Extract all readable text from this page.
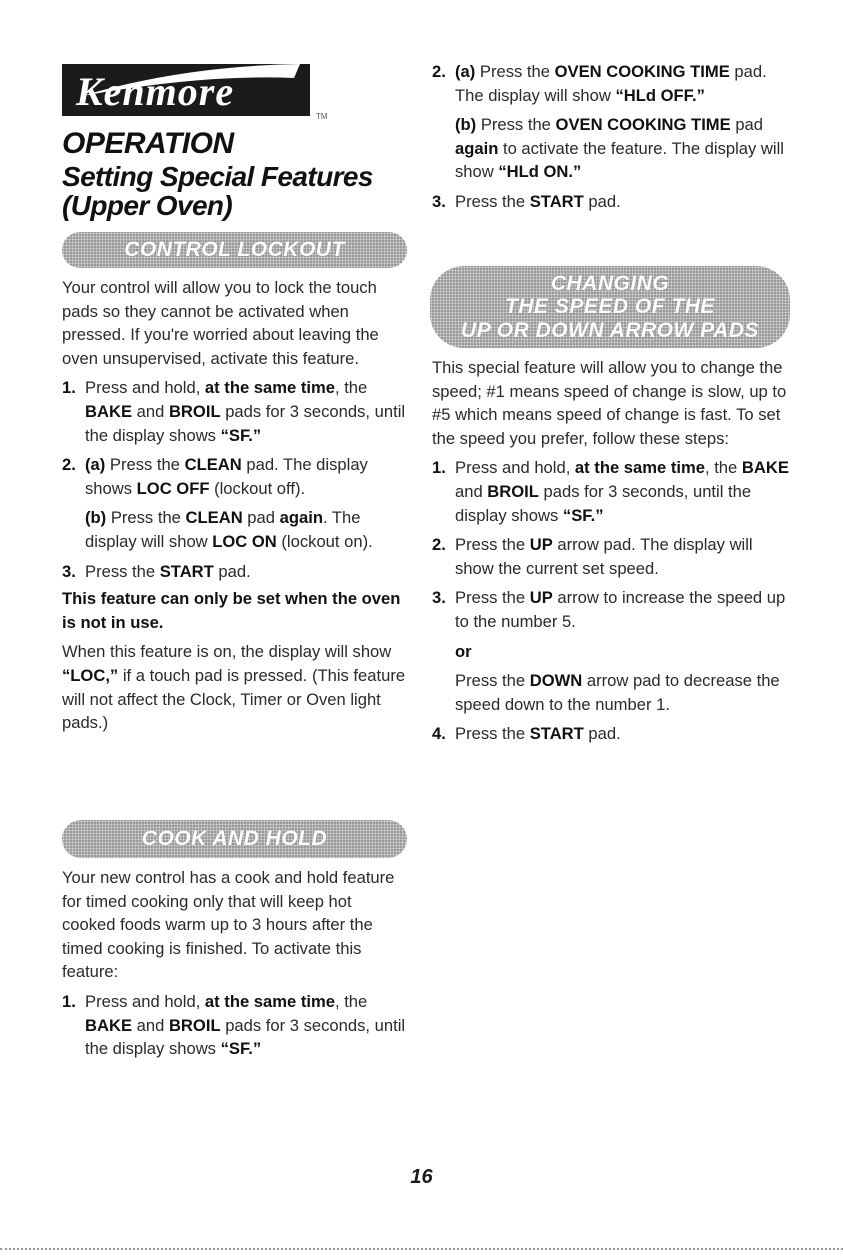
Kenmore
TM
OPERATION
Setting Special Features
(Upper Oven)
CONTROL LOCKOUT

Your control will allow you to lock the touch pads so they cannot be activated when pressed. If you're worried about leaving the oven unsupervised, activate this feature.

1. Press and hold, at the same time, the BAKE and BROIL pads for 3 seconds, until the display shows “SF.”

2. (a) Press the CLEAN pad. The display shows LOC OFF (lockout off).

(b) Press the CLEAN pad again. The display will show LOC ON (lockout on).

3. Press the START pad.

This feature can only be set when the oven is not in use.

When this feature is on, the display will show “LOC,” if a touch pad is pressed. (This feature will not affect the Clock, Timer or Oven light pads.)

COOK AND HOLD

Your new control has a cook and hold feature for timed cooking only that will keep hot cooked foods warm up to 3 hours after the timed cooking is finished. To activate this feature:

1. Press and hold, at the same time, the BAKE and BROIL pads for 3 seconds, until the display shows “SF.”

2. (a) Press the OVEN COOKING TIME pad. The display will show “HLd OFF.”

(b) Press the OVEN COOKING TIME pad again to activate the feature. The display will show “HLd ON.”

3. Press the START pad.

CHANGING
THE SPEED OF THE
UP OR DOWN ARROW PADS

This special feature will allow you to change the speed; #1 means speed of change is slow, up to #5 which means speed of change is fast. To set the speed you prefer, follow these steps:

1. Press and hold, at the same time, the BAKE and BROIL pads for 3 seconds, until the display shows “SF.”

2. Press the UP arrow pad. The display will show the current set speed.

3. Press the UP arrow to increase the speed up to the number 5.

or

Press the DOWN arrow pad to decrease the speed down to the number 1.

4. Press the START pad.

16
